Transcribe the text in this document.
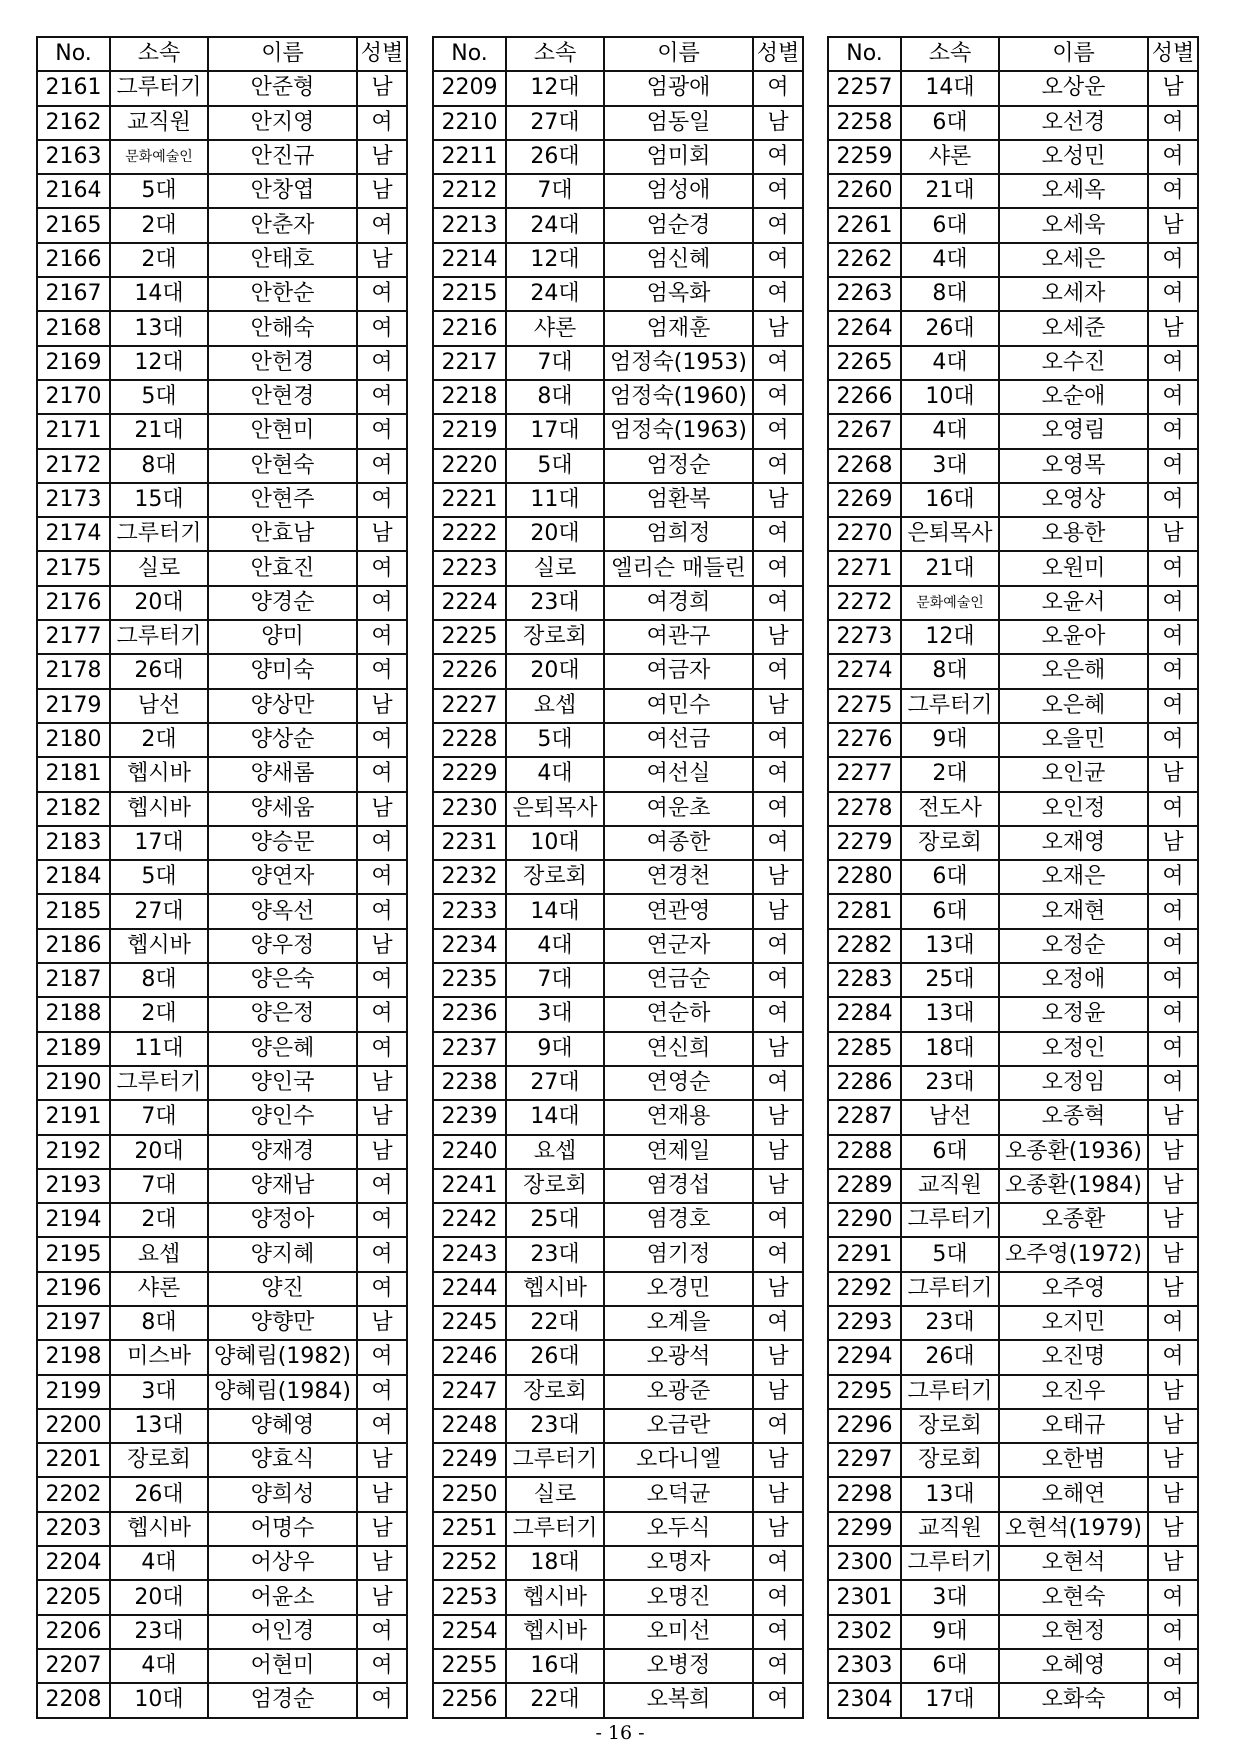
No.	소속	이름	성별
2161	그루터기	안준형	남
2162	교직원	안지영	여
2163	문화예술인	안진규	남
2164	5대	안창엽	남
2165	2대	안춘자	여
2166	2대	안태호	남
2167	14대	안한순	여
2168	13대	안해숙	여
2169	12대	안헌경	여
2170	5대	안현경	여
2171	21대	안현미	여
2172	8대	안현숙	여
2173	15대	안현주	여
2174	그루터기	안효남	남
2175	실로	안효진	여
2176	20대	양경순	여
2177	그루터기	양미	여
2178	26대	양미숙	여
2179	남선	양상만	남
2180	2대	양상순	여
2181	헵시바	양새롬	여
2182	헵시바	양세움	남
2183	17대	양승문	여
2184	5대	양연자	여
2185	27대	양옥선	여
2186	헵시바	양우정	남
2187	8대	양은숙	여
2188	2대	양은정	여
2189	11대	양은혜	여
2190	그루터기	양인국	남
2191	7대	양인수	남
2192	20대	양재경	남
2193	7대	양재남	여
2194	2대	양정아	여
2195	요셉	양지혜	여
2196	샤론	양진	여
2197	8대	양향만	남
2198	미스바	양혜림(1982)	여
2199	3대	양혜림(1984)	여
2200	13대	양혜영	여
2201	장로회	양효식	남
2202	26대	양희성	남
2203	헵시바	어명수	남
2204	4대	어상우	남
2205	20대	어윤소	남
2206	23대	어인경	여
2207	4대	어현미	여
2208	10대	엄경순	여
No.	소속	이름	성별
2209	12대	엄광애	여
2210	27대	엄동일	남
2211	26대	엄미회	여
2212	7대	엄성애	여
2213	24대	엄순경	여
2214	12대	엄신혜	여
2215	24대	엄옥화	여
2216	샤론	엄재훈	남
2217	7대	엄정숙(1953)	여
2218	8대	엄정숙(1960)	여
2219	17대	엄정숙(1963)	여
2220	5대	엄정순	여
2221	11대	엄환복	남
2222	20대	엄희정	여
2223	실로	엘리슨 매들린	여
2224	23대	여경희	여
2225	장로회	여관구	남
2226	20대	여금자	여
2227	요셉	여민수	남
2228	5대	여선금	여
2229	4대	여선실	여
2230	은퇴목사	여운초	여
2231	10대	여종한	여
2232	장로회	연경천	남
2233	14대	연관영	남
2234	4대	연군자	여
2235	7대	연금순	여
2236	3대	연순하	여
2237	9대	연신희	남
2238	27대	연영순	여
2239	14대	연재용	남
2240	요셉	연제일	남
2241	장로회	염경섭	남
2242	25대	염경호	여
2243	23대	염기정	여
2244	헵시바	오경민	남
2245	22대	오계을	여
2246	26대	오광석	남
2247	장로회	오광준	남
2248	23대	오금란	여
2249	그루터기	오다니엘	남
2250	실로	오덕균	남
2251	그루터기	오두식	남
2252	18대	오명자	여
2253	헵시바	오명진	여
2254	헵시바	오미선	여
2255	16대	오병정	여
2256	22대	오복희	여
No.	소속	이름	성별
2257	14대	오상운	남
2258	6대	오선경	여
2259	샤론	오성민	여
2260	21대	오세옥	여
2261	6대	오세욱	남
2262	4대	오세은	여
2263	8대	오세자	여
2264	26대	오세준	남
2265	4대	오수진	여
2266	10대	오순애	여
2267	4대	오영림	여
2268	3대	오영목	여
2269	16대	오영상	여
2270	은퇴목사	오용한	남
2271	21대	오원미	여
2272	문화예술인	오윤서	여
2273	12대	오윤아	여
2274	8대	오은해	여
2275	그루터기	오은혜	여
2276	9대	오을민	여
2277	2대	오인균	남
2278	전도사	오인정	여
2279	장로회	오재영	남
2280	6대	오재은	여
2281	6대	오재현	여
2282	13대	오정순	여
2283	25대	오정애	여
2284	13대	오정윤	여
2285	18대	오정인	여
2286	23대	오정임	여
2287	남선	오종혁	남
2288	6대	오종환(1936)	남
2289	교직원	오종환(1984)	남
2290	그루터기	오종환	남
2291	5대	오주영(1972)	남
2292	그루터기	오주영	남
2293	23대	오지민	여
2294	26대	오진명	여
2295	그루터기	오진우	남
2296	장로회	오태규	남
2297	장로회	오한범	남
2298	13대	오해연	남
2299	교직원	오현석(1979)	남
2300	그루터기	오현석	남
2301	3대	오현숙	여
2302	9대	오현정	여
2303	6대	오혜영	여
2304	17대	오화숙	여
- 16 -
